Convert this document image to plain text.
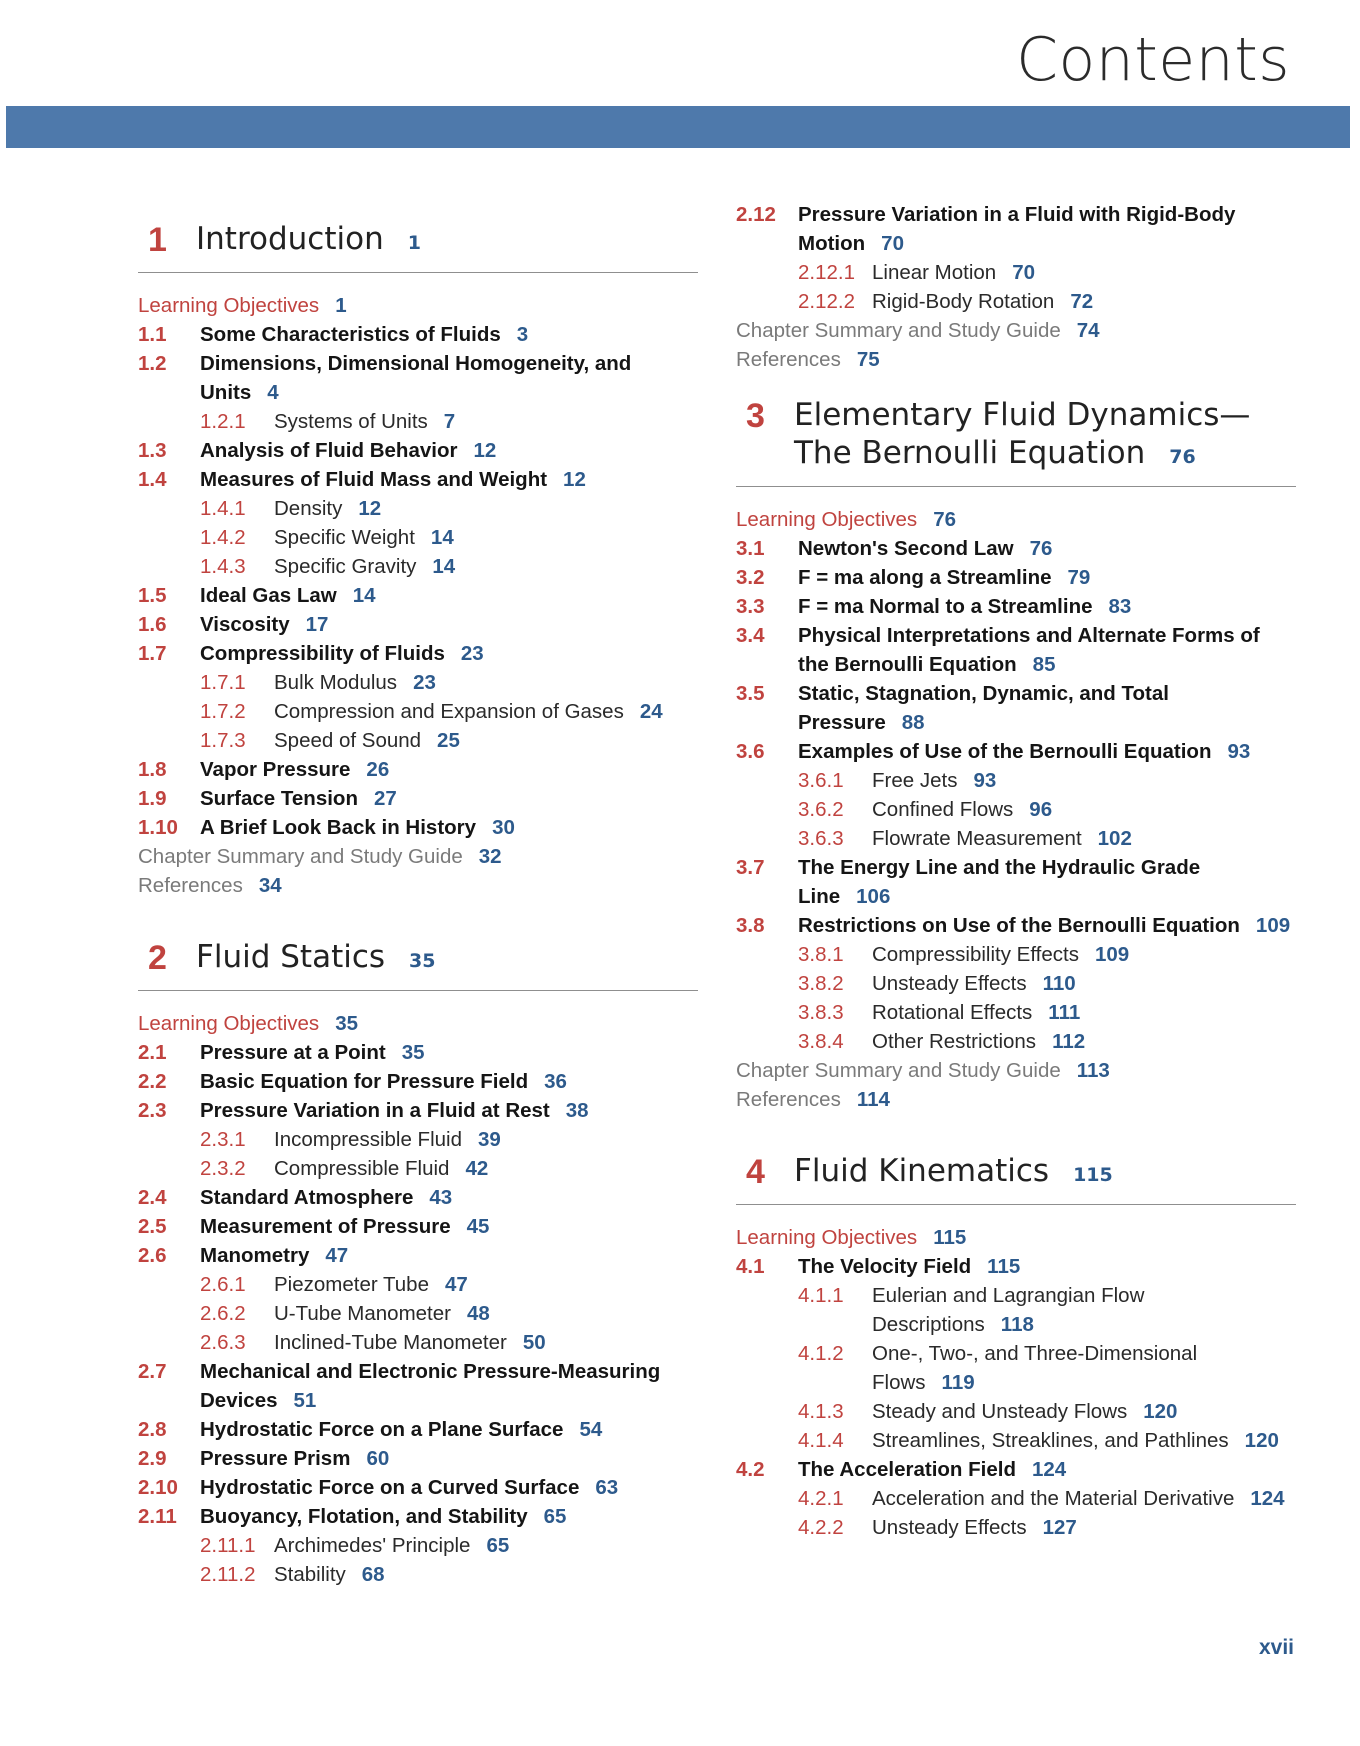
Contents
1 Introduction 1
Learning Objectives 1
1.1	Some Characteristics of Fluids 3
1.2	Dimensions, Dimensional Homogeneity, and Units 4
1.2.1	Systems of Units 7
1.3	Analysis of Fluid Behavior 12
1.4	Measures of Fluid Mass and Weight 12
1.4.1	Density 12
1.4.2	Specific Weight 14
1.4.3	Specific Gravity 14
1.5	Ideal Gas Law 14
1.6	Viscosity 17
1.7	Compressibility of Fluids 23
1.7.1	Bulk Modulus 23
1.7.2	Compression and Expansion of Gases 24
1.7.3	Speed of Sound 25
1.8	Vapor Pressure 26
1.9	Surface Tension 27
1.10	A Brief Look Back in History 30
Chapter Summary and Study Guide 32
References 34
2 Fluid Statics 35
Learning Objectives 35
2.1	Pressure at a Point 35
2.2	Basic Equation for Pressure Field 36
2.3	Pressure Variation in a Fluid at Rest 38
2.3.1	Incompressible Fluid 39
2.3.2	Compressible Fluid 42
2.4	Standard Atmosphere 43
2.5	Measurement of Pressure 45
2.6	Manometry 47
2.6.1	Piezometer Tube 47
2.6.2	U-Tube Manometer 48
2.6.3	Inclined-Tube Manometer 50
2.7	Mechanical and Electronic Pressure-Measuring Devices 51
2.8	Hydrostatic Force on a Plane Surface 54
2.9	Pressure Prism 60
2.10	Hydrostatic Force on a Curved Surface 63
2.11	Buoyancy, Flotation, and Stability 65
2.11.1 Archimedes' Principle 65
2.11.2 Stability 68
2.12	Pressure Variation in a Fluid with Rigid-Body Motion 70
2.12.1 Linear Motion 70
2.12.2 Rigid-Body Rotation 72
Chapter Summary and Study Guide 74
References 75
3 Elementary Fluid Dynamics—The Bernoulli Equation 76
Learning Objectives 76
3.1	Newton's Second Law 76
3.2	F = ma along a Streamline 79
3.3	F = ma Normal to a Streamline 83
3.4	Physical Interpretations and Alternate Forms of the Bernoulli Equation 85
3.5	Static, Stagnation, Dynamic, and Total Pressure 88
3.6	Examples of Use of the Bernoulli Equation 93
3.6.1	Free Jets 93
3.6.2	Confined Flows 96
3.6.3	Flowrate Measurement 102
3.7	The Energy Line and the Hydraulic Grade Line 106
3.8	Restrictions on Use of the Bernoulli Equation 109
3.8.1	Compressibility Effects 109
3.8.2	Unsteady Effects 110
3.8.3	Rotational Effects 111
3.8.4	Other Restrictions 112
Chapter Summary and Study Guide 113
References 114
4 Fluid Kinematics 115
Learning Objectives 115
4.1	The Velocity Field 115
4.1.1	Eulerian and Lagrangian Flow Descriptions 118
4.1.2	One-, Two-, and Three-Dimensional Flows 119
4.1.3	Steady and Unsteady Flows 120
4.1.4	Streamlines, Streaklines, and Pathlines 120
4.2	The Acceleration Field 124
4.2.1	Acceleration and the Material Derivative 124
4.2.2	Unsteady Effects 127
xvii
